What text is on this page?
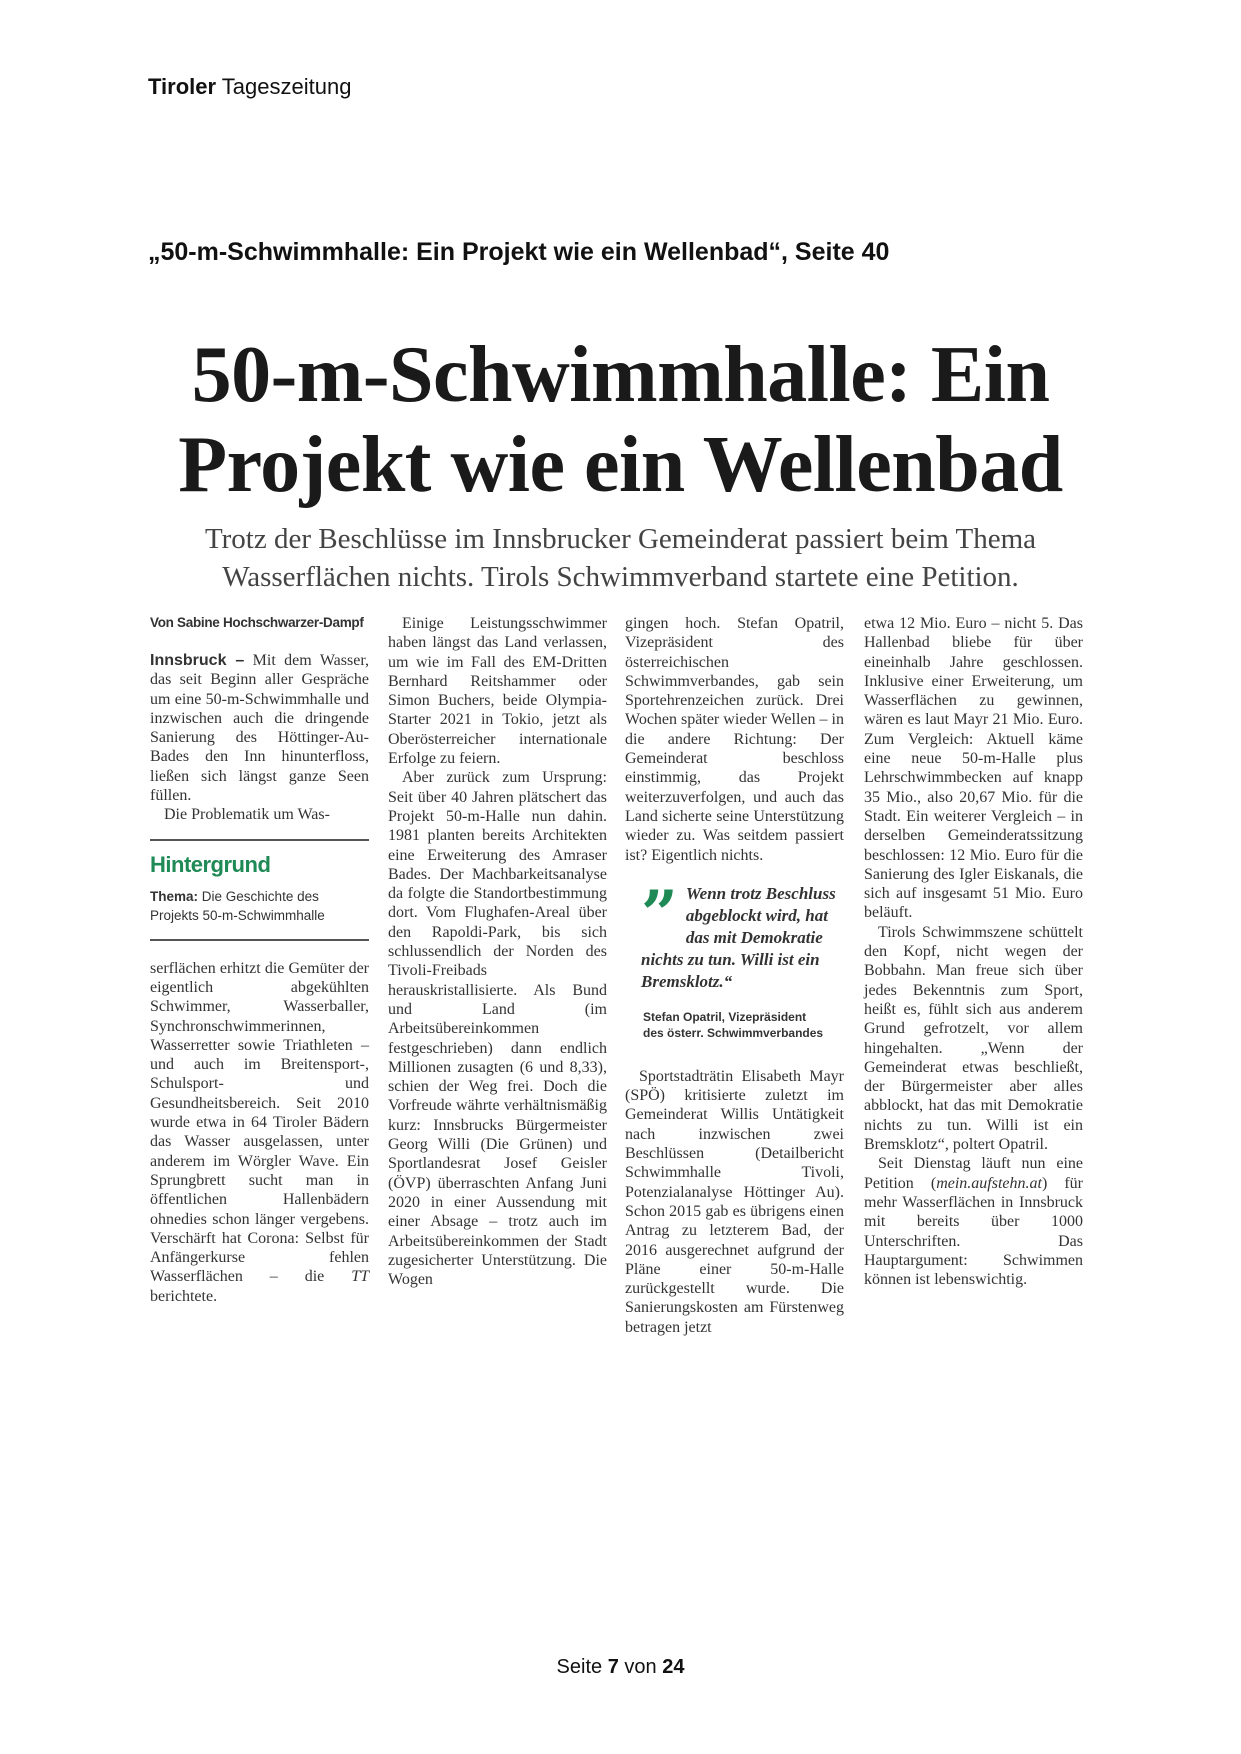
Tiroler Tageszeitung
„50-m-Schwimmhalle: Ein Projekt wie ein Wellenbad“, Seite 40
50-m-Schwimmhalle: Ein
Projekt wie ein Wellenbad
Trotz der Beschlüsse im Innsbrucker Gemeinderat passiert beim Thema
Wasserflächen nichts. Tirols Schwimmverband startete eine Petition.
Von Sabine Hochschwarzer-Dampf

Innsbruck – Mit dem Wasser, das seit Beginn aller Gespräche um eine 50-m-Schwimmhalle und inzwischen auch die dringende Sanierung des Höttinger-Au-Bades den Inn hinunterfloss, ließen sich längst ganze Seen füllen.

Die Problematik um Was-

Hintergrund
Thema: Die Geschichte des Projekts 50-m-Schwimmhalle

serflächen erhitzt die Gemüter der eigentlich abgekühlten Schwimmer, Wasserballer, Synchronschwimmerinnen, Wasserretter sowie Triathleten – und auch im Breitensport-, Schulsport- und Gesundheitsbereich. Seit 2010 wurde etwa in 64 Tiroler Bädern das Wasser ausgelassen, unter anderem im Wörgler Wave. Ein Sprungbrett sucht man in öffentlichen Hallenbädern ohnedies schon länger vergebens. Verschärft hat Corona: Selbst für Anfängerkurse fehlen Wasserflächen – die TT berichtete.

Einige Leistungsschwimmer haben längst das Land verlassen, um wie im Fall des EM-Dritten Bernhard Reitshammer oder Simon Buchers, beide Olympia-Starter 2021 in Tokio, jetzt als Oberösterreicher internationale Erfolge zu feiern.

Aber zurück zum Ursprung: Seit über 40 Jahren plätschert das Projekt 50-m-Halle nun dahin. 1981 planten bereits Architekten eine Erweiterung des Amraser Bades. Der Machbarkeitsanalyse da folgte die Standortbestimmung dort. Vom Flughafen-Areal über den Rapoldi-Park, bis sich schlussendlich der Norden des Tivoli-Freibads herauskristallisierte. Als Bund und Land (im Arbeitsübereinkommen festgeschrieben) dann endlich Millionen zusagten (6 und 8,33), schien der Weg frei. Doch die Vorfreude währte verhältnismäßig kurz: Innsbrucks Bürgermeister Georg Willi (Die Grünen) und Sportlandesrat Josef Geisler (ÖVP) überraschten Anfang Juni 2020 in einer Aussendung mit einer Absage – trotz auch im Arbeitsübereinkommen der Stadt zugesicherter Unterstützung. Die Wogen

gingen hoch. Stefan Opatril, Vizepräsident des österreichischen Schwimmverbandes, gab sein Sportehrenzeichen zurück. Drei Wochen später wieder Wellen – in die andere Richtung: Der Gemeinderat beschloss einstimmig, das Projekt weiterzuverfolgen, und auch das Land sicherte seine Unterstützung wieder zu. Was seitdem passiert ist? Eigentlich nichts.

” Wenn trotz Beschluss abgeblockt wird, hat das mit Demokratie nichts zu tun. Willi ist ein Bremsklotz.“
Stefan Opatril, Vizepräsident
des österr. Schwimmverbandes

Sportstadträtin Elisabeth Mayr (SPÖ) kritisierte zuletzt im Gemeinderat Willis Untätigkeit nach inzwischen zwei Beschlüssen (Detailbericht Schwimmhalle Tivoli, Potenzialanalyse Höttinger Au). Schon 2015 gab es übrigens einen Antrag zu letzterem Bad, der 2016 ausgerechnet aufgrund der Pläne einer 50-m-Halle zurückgestellt wurde. Die Sanierungskosten am Fürstenweg betragen jetzt

etwa 12 Mio. Euro – nicht 5. Das Hallenbad bliebe für über eineinhalb Jahre geschlossen. Inklusive einer Erweiterung, um Wasserflächen zu gewinnen, wären es laut Mayr 21 Mio. Euro. Zum Vergleich: Aktuell käme eine neue 50-m-Halle plus Lehrschwimmbecken auf knapp 35 Mio., also 20,67 Mio. für die Stadt. Ein weiterer Vergleich – in derselben Gemeinderatssitzung beschlossen: 12 Mio. Euro für die Sanierung des Igler Eiskanals, die sich auf insgesamt 51 Mio. Euro beläuft.

Tirols Schwimmszene schüttelt den Kopf, nicht wegen der Bobbahn. Man freue sich über jedes Bekenntnis zum Sport, heißt es, fühlt sich aus anderem Grund gefrotzelt, vor allem hingehalten. „Wenn der Gemeinderat etwas beschließt, der Bürgermeister aber alles abblockt, hat das mit Demokratie nichts zu tun. Willi ist ein Bremsklotz“, poltert Opatril.

Seit Dienstag läuft nun eine Petition (mein.aufstehn.at) für mehr Wasserflächen in Innsbruck mit bereits über 1000 Unterschriften. Das Hauptargument: Schwimmen können ist lebenswichtig.

Seite 7 von 24
